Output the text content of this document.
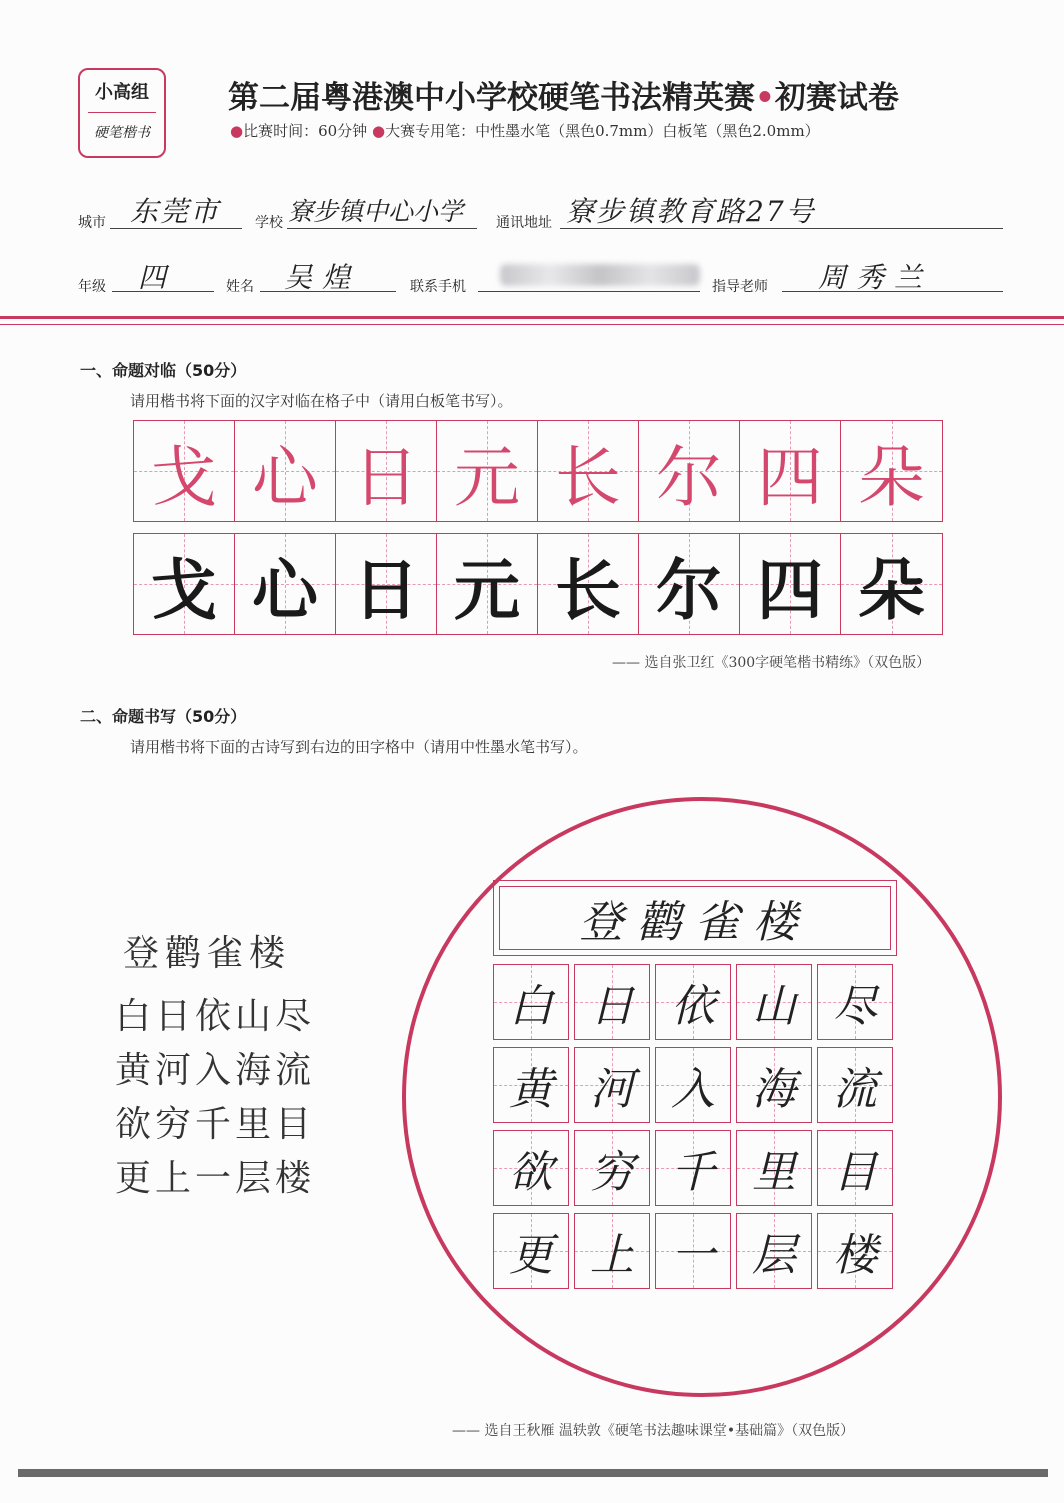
小高组
硬笔楷书
第二届粤港澳中小学校硬笔书法精英赛•初赛试卷
●比赛时间：60分钟 ●大赛专用笔：中性墨水笔（黑色0.7mm）白板笔（黑色2.0mm）
城市 东莞市 学校 寮步镇中心小学 通讯地址 寮步镇教育路27号
年级 四	姓名 吴煌	联系手机	指导老师 周秀兰
一、命题对临（50分）
请用楷书将下面的汉字对临在格子中（请用白板笔书写）。
戈 心 日 元 长 尔 四 朵
戈 心 日 元 长 尔 四 朵
—— 选自张卫红《300字硬笔楷书精练》（双色版）
二、命题书写（50分）
请用楷书将下面的古诗写到右边的田字格中（请用中性墨水笔书写）。
登鹳雀楼
白日依山尽
黄河入海流
欲穷千里目
更上一层楼
登鹳雀楼
白 日 依 山 尽
黄 河 入 海 流
欲 穷 千 里 目
更 上 一 层 楼
—— 选自王秋雁 温轶敦《硬笔书法趣味课堂•基础篇》（双色版）
